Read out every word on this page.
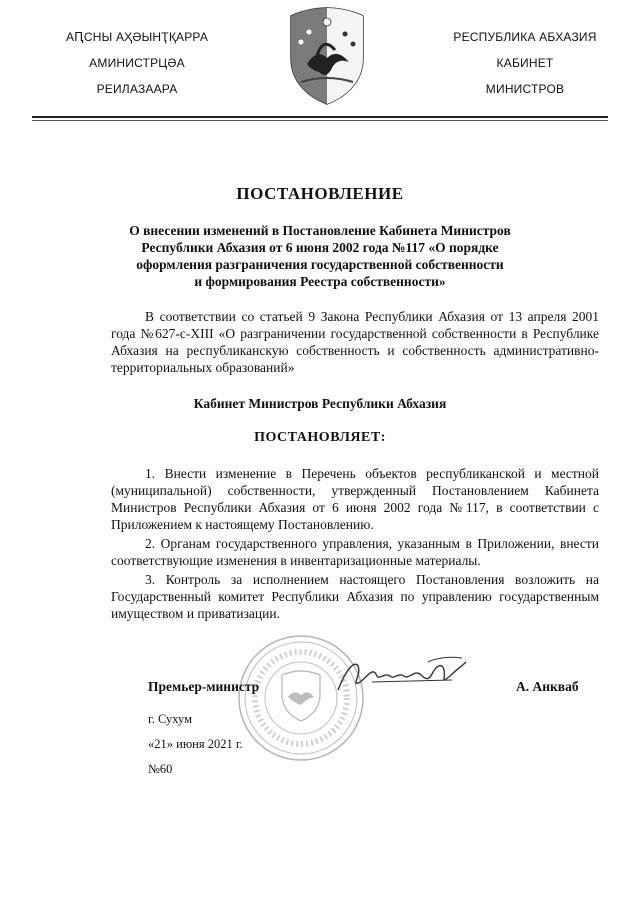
АԤСНЫ АҲӘЫНҬҚАРРА
АМИНИСТРЦӘА
РЕИЛАЗААРА
РЕСПУБЛИКА АБХАЗИЯ
КАБИНЕТ
МИНИСТРОВ
ПОСТАНОВЛЕНИЕ
О внесении изменений в Постановление Кабинета Министров
Республики Абхазия от 6 июня 2002 года №117 «О порядке
оформления разграничения государственной собственности
и формирования Реестра собственности»

В соответствии со статьей 9 Закона Республики Абхазия от 13 апреля 2001 года №627-с-XIII «О разграничении государственной собственности в Республике Абхазия на республиканскую собственность и собственность административно-территориальных образований»

Кабинет Министров Республики Абхазия
ПОСТАНОВЛЯЕТ:

1. Внести изменение в Перечень объектов республиканской и местной (муниципальной) собственности, утвержденный Постановлением Кабинета Министров Республики Абхазия от 6 июня 2002 года №117, в соответствии с Приложением к настоящему Постановлению.

2. Органам государственного управления, указанным в Приложении, внести соответствующие изменения в инвентаризационные материалы.

3. Контроль за исполнением настоящего Постановления возложить на Государственный комитет Республики Абхазия по управлению государственным имуществом и приватизации.

Премьер-министр	А. Анкваб
г. Сухум
«21» июня 2021 г.
№60
